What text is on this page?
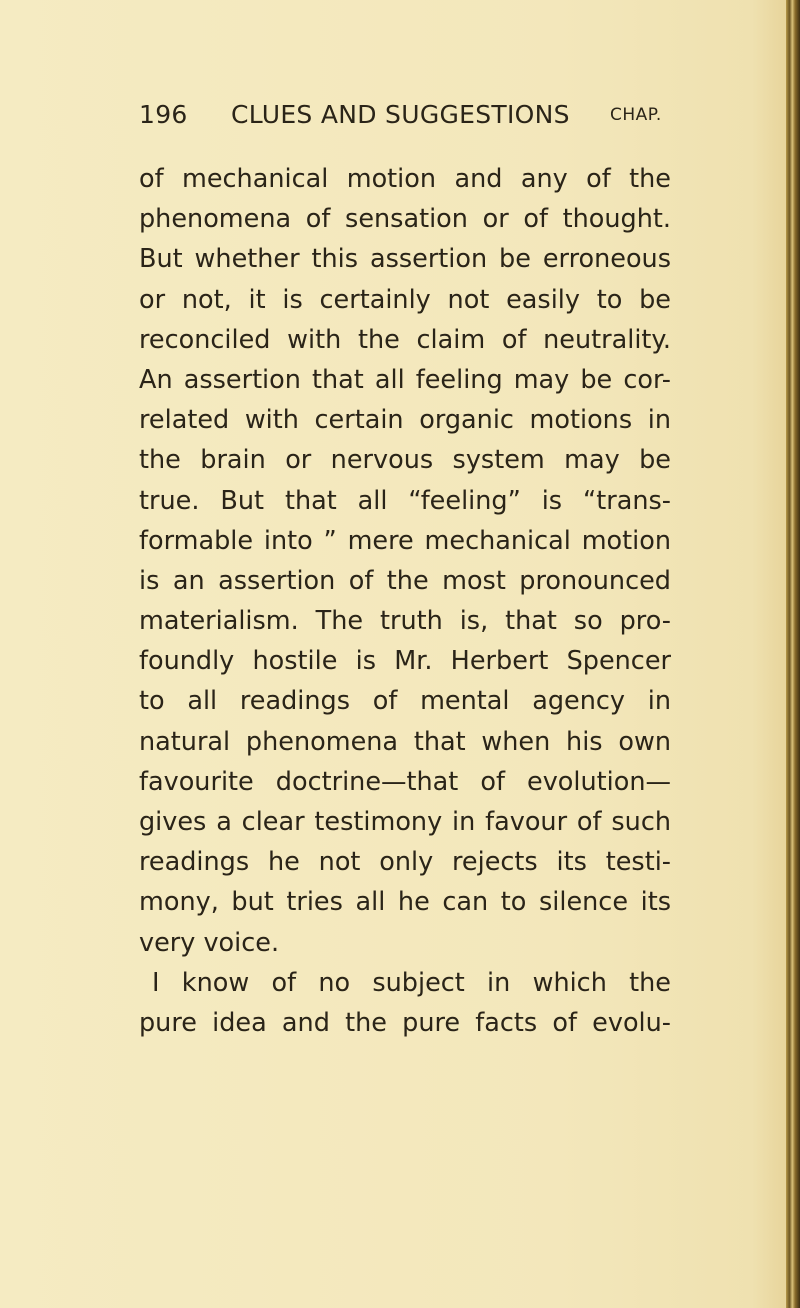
196 CLUES AND SUGGESTIONS CHAP.
of mechanical motion and any of the
phenomena of sensation or of thought.
But whether this assertion be erroneous
or not, it is certainly not easily to be
reconciled with the claim of neutrality.
An assertion that all feeling may be cor-
related with certain organic motions in
the brain or nervous system may be
true. But that all “feeling” is “trans-
formable into ” mere mechanical motion
is an assertion of the most pronounced
materialism. The truth is, that so pro-
foundly hostile is Mr. Herbert Spencer
to all readings of mental agency in
natural phenomena that when his own
favourite doctrine—that of evolution—
gives a clear testimony in favour of such
readings he not only rejects its testi-
mony, but tries all he can to silence its
very voice.
I know of no subject in which the
pure idea and the pure facts of evolu-
